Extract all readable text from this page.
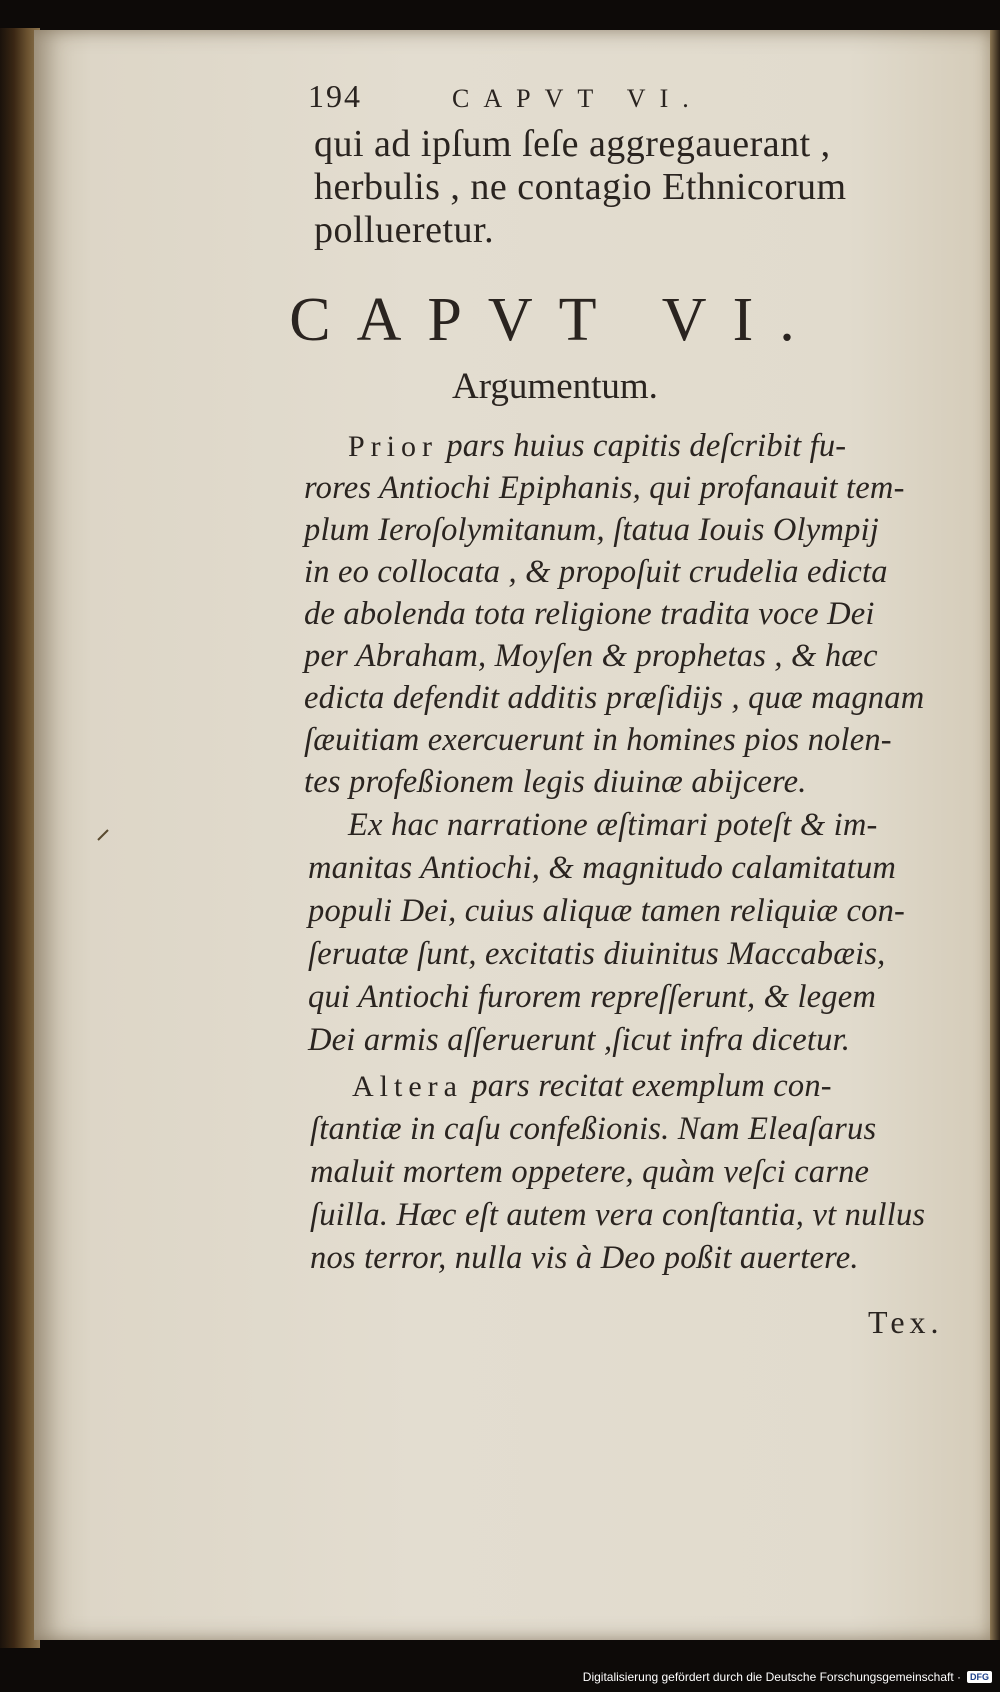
194	CAPVT VI.
qui ad ipſum ſeſe aggregauerant ,
herbulis , ne contagio Ethnicorum
pollueretur.
CAPVT VI.
Argumentum.
Prior pars huius capitis deſcribit fu-
rores Antiochi Epiphanis, qui profanauit tem-
plum Ieroſolymitanum, ſtatua Iouis Olympij
in eo collocata , & propoſuit crudelia edicta
de abolenda tota religione tradita voce Dei
per Abraham, Moyſen & prophetas , & hæc
edicta defendit additis præſidijs , quæ magnam
ſæuitiam exercuerunt in homines pios nolen-
tes profeßionem legis diuinæ abijcere.
Ex hac narratione æſtimari poteſt & im-
manitas Antiochi, & magnitudo calamitatum
populi Dei, cuius aliquæ tamen reliquiæ con-
ſeruatæ ſunt, excitatis diuinitus Maccabæis,
qui Antiochi furorem repreſſerunt, & legem
Dei armis aſſeruerunt ,ſicut infra dicetur.
Altera pars recitat exemplum con-
ſtantiæ in caſu confeßionis. Nam Eleaſarus
maluit mortem oppetere, quàm veſci carne
ſuilla. Hæc eſt autem vera conſtantia, vt nullus
nos terror, nulla vis à Deo poßit auertere.
Tex.
Digitalisierung gefördert durch die Deutsche Forschungsgemeinschaft ·	DFG
